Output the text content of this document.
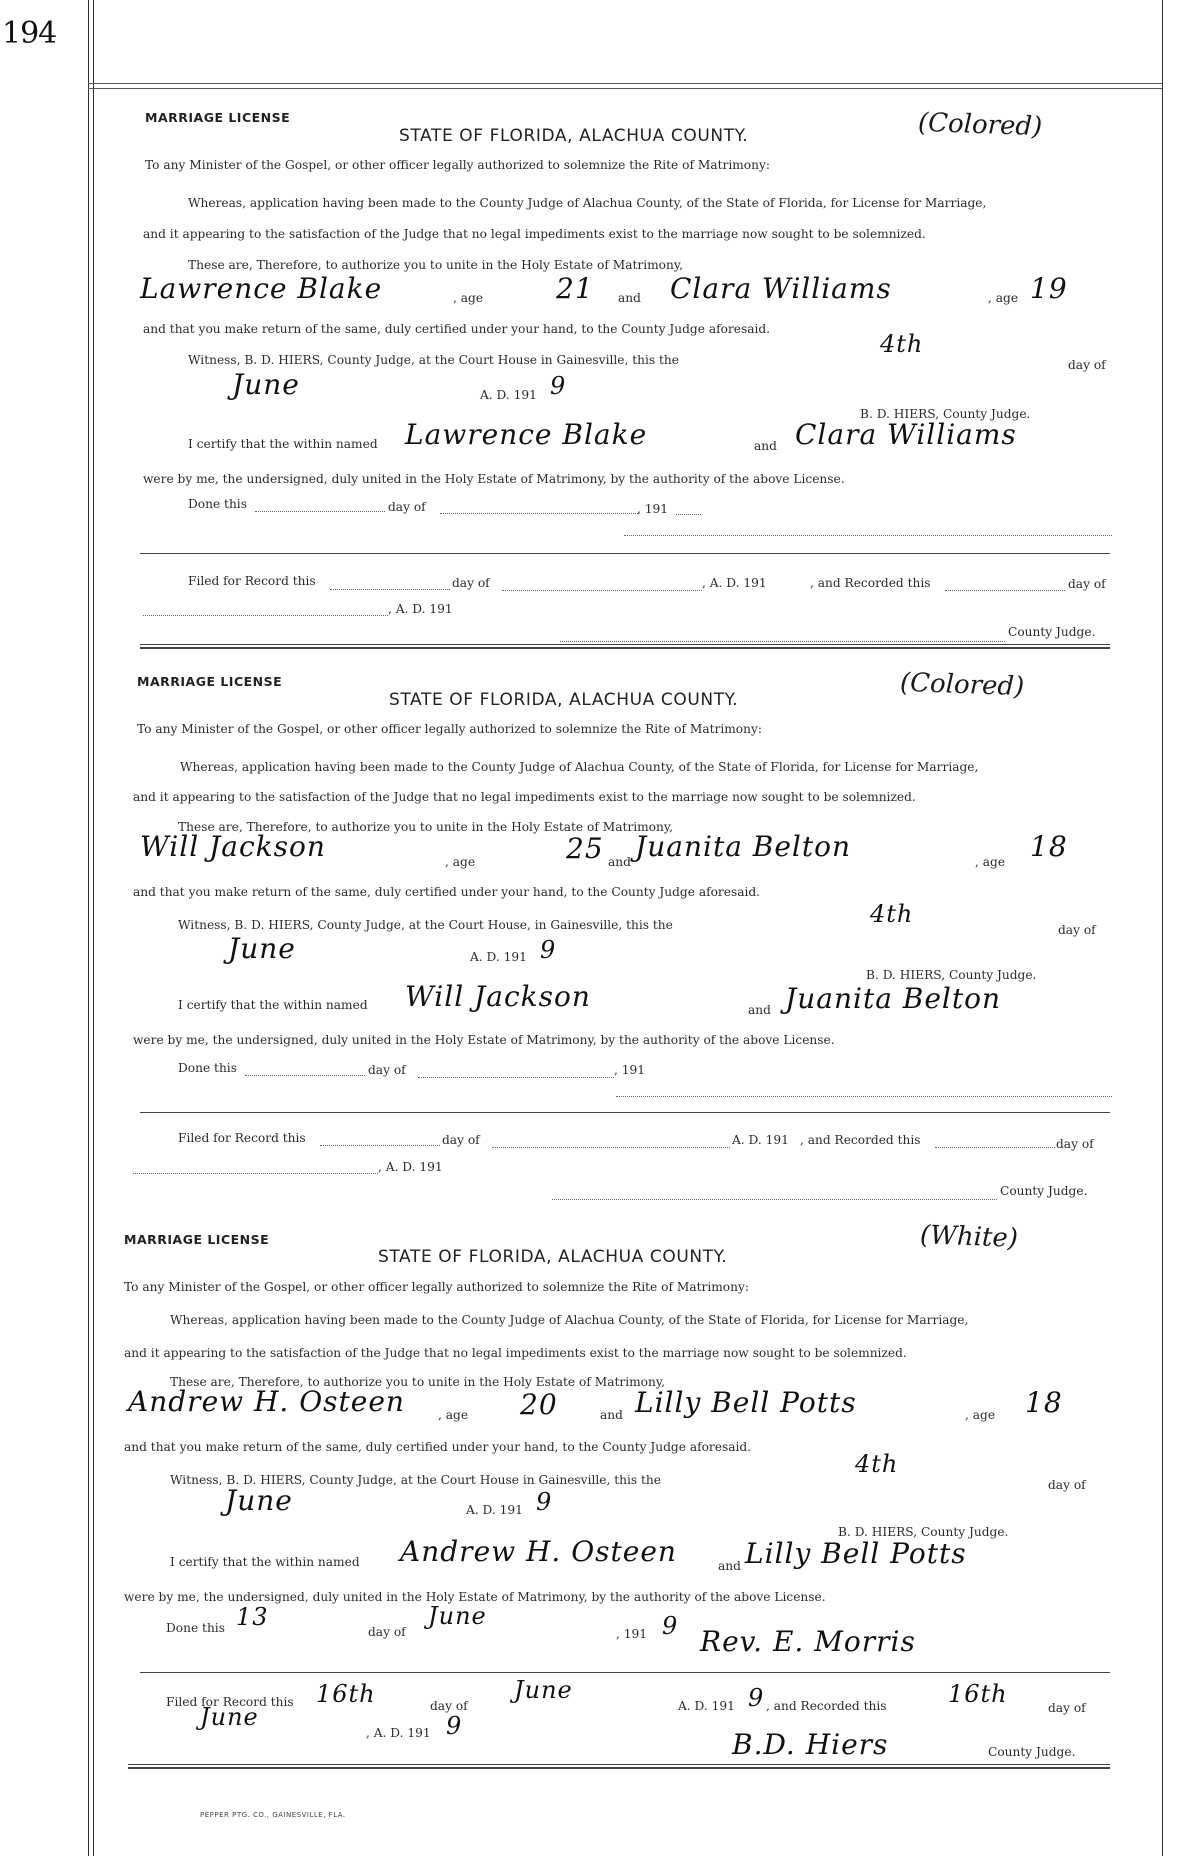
194
MARRIAGE LICENSE
STATE OF FLORIDA, ALACHUA COUNTY.	(Colored)
To any Minister of the Gospel, or other officer legally authorized to solemnize the Rite of Matrimony:
Whereas, application having been made to the County Judge of Alachua County, of the State of Florida, for License for Marriage,
and it appearing to the satisfaction of the Judge that no legal impediments exist to the marriage now sought to be solemnized.
These are, Therefore, to authorize you to unite in the Holy Estate of Matrimony,
Lawrence Blake	, age	21 and Clara Williams	, age 19
and that you make return of the same, duly certified under your hand, to the County Judge aforesaid.
Witness, B. D. HIERS, County Judge, at the Court House in Gainesville, this the
4th
day of
June	A. D. 191 9
B. D. HIERS, County Judge.
I certify that the within named Lawrence Blake	and Clara Williams
were by me, the undersigned, duly united in the Holy Estate of Matrimony, by the authority of the above License.
Done this	day of	, 191
Filed for Record this	day of	, A. D. 191	, and Recorded this	day of
, A. D. 191
County Judge.
MARRIAGE LICENSE
STATE OF FLORIDA, ALACHUA COUNTY.	(Colored)
To any Minister of the Gospel, or other officer legally authorized to solemnize the Rite of Matrimony:
Whereas, application having been made to the County Judge of Alachua County, of the State of Florida, for License for Marriage,
and it appearing to the satisfaction of the Judge that no legal impediments exist to the marriage now sought to be solemnized.
These are, Therefore, to authorize you to unite in the Holy Estate of Matrimony,
Will Jackson	, age	25 and Juanita Belton	, age 18
and that you make return of the same, duly certified under your hand, to the County Judge aforesaid.
Witness, B. D. HIERS, County Judge, at the Court House, in Gainesville, this the	4th
day of
June	A. D. 191 9
B. D. HIERS, County Judge.
I certify that the within named Will Jackson	and Juanita Belton
were by me, the undersigned, duly united in the Holy Estate of Matrimony, by the authority of the above License.
Done this	day of	, 191
Filed for Record this	day of	A. D. 191 , and Recorded this	day of
, A. D. 191
County Judge.
MARRIAGE LICENSE
STATE OF FLORIDA, ALACHUA COUNTY.
(White)
To any Minister of the Gospel, or other officer legally authorized to solemnize the Rite of Matrimony:
Whereas, application having been made to the County Judge of Alachua County, of the State of Florida, for License for Marriage,
and it appearing to the satisfaction of the Judge that no legal impediments exist to the marriage now sought to be solemnized.
These are, Therefore, to authorize you to unite in the Holy Estate of Matrimony,
Andrew H. Osteen	, age 20	and Lilly Bell Potts	, age 18
and that you make return of the same, duly certified under your hand, to the County Judge aforesaid.
Witness, B. D. HIERS, County Judge, at the Court House in Gainesville, this the
4th
day of
June	A. D. 191 9
B. D. HIERS, County Judge.
I certify that the within named Andrew H. Osteen	and Lilly Bell Potts
were by me, the undersigned, duly united in the Holy Estate of Matrimony, by the authority of the above License.
Done this 13
day of
June
, 191 9 Rev. E. Morris
Filed for Record this 16th	day of
June
A. D. 191 9 , and Recorded this	16th	day of
June
, A. D. 191 9
B.D. Hiers	County Judge.
PEPPER PTG. CO., GAINESVILLE, FLA.
